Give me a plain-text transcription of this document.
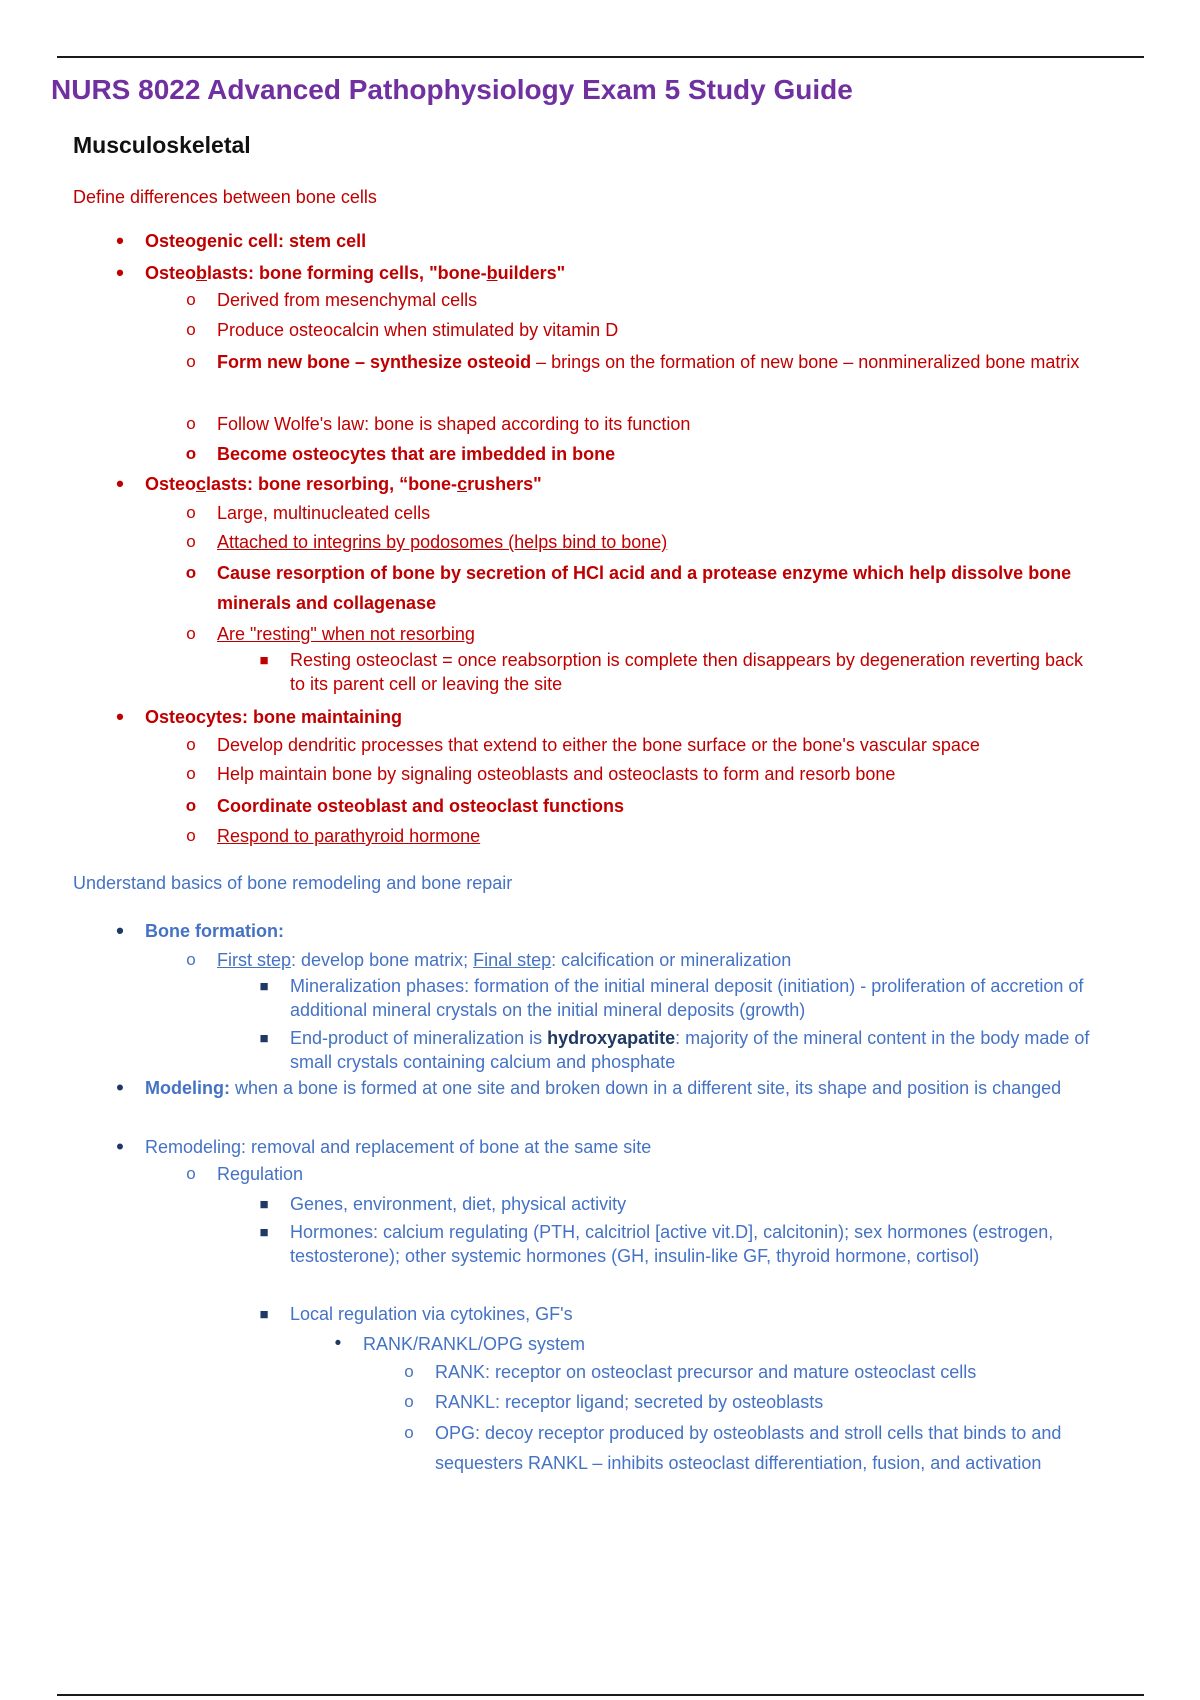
NURS 8022 Advanced Pathophysiology Exam 5 Study Guide
Musculoskeletal

Define differences between bone cells

•	Osteogenic cell: stem cell
•	Osteoblasts: bone forming cells, "bone-builders"
o Derived from mesenchymal cells
o Produce osteocalcin when stimulated by vitamin D
o Form new bone – synthesize osteoid – brings on the formation of new bone – nonmineralized bone matrix
o Follow Wolfe's law: bone is shaped according to its function
o Become osteocytes that are imbedded in bone
•	Osteoclasts: bone resorbing, “bone-crushers"
o Large, multinucleated cells
o Attached to integrins by podosomes (helps bind to bone)
o Cause resorption of bone by secretion of HCl acid and a protease enzyme which help dissolve bone minerals and collagenase
o Are "resting" when not resorbing
■ Resting osteoclast = once reabsorption is complete then disappears by degeneration reverting back to its parent cell or leaving the site
•	Osteocytes: bone maintaining
o Develop dendritic processes that extend to either the bone surface or the bone's vascular space
o Help maintain bone by signaling osteoblasts and osteoclasts to form and resorb bone
o Coordinate osteoblast and osteoclast functions
o Respond to parathyroid hormone

Understand basics of bone remodeling and bone repair

•	Bone formation:
o First step: develop bone matrix; Final step: calcification or mineralization
■ Mineralization phases: formation of the initial mineral deposit (initiation) - proliferation of accretion of additional mineral crystals on the initial mineral deposits (growth)
■ End-product of mineralization is hydroxyapatite: majority of the mineral content in the body made of small crystals containing calcium and phosphate
•	Modeling: when a bone is formed at one site and broken down in a different site, its shape and position is changed
•	Remodeling: removal and replacement of bone at the same site
o Regulation
■ Genes, environment, diet, physical activity
■ Hormones: calcium regulating (PTH, calcitriol [active vit.D], calcitonin); sex hormones (estrogen, testosterone); other systemic hormones (GH, insulin-like GF, thyroid hormone, cortisol)
■ Local regulation via cytokines, GF's
•	RANK/RANKL/OPG system
o RANK: receptor on osteoclast precursor and mature osteoclast cells
o RANKL: receptor ligand; secreted by osteoblasts
o OPG: decoy receptor produced by osteoblasts and stroll cells that binds to and sequesters RANKL – inhibits osteoclast differentiation, fusion, and activation
